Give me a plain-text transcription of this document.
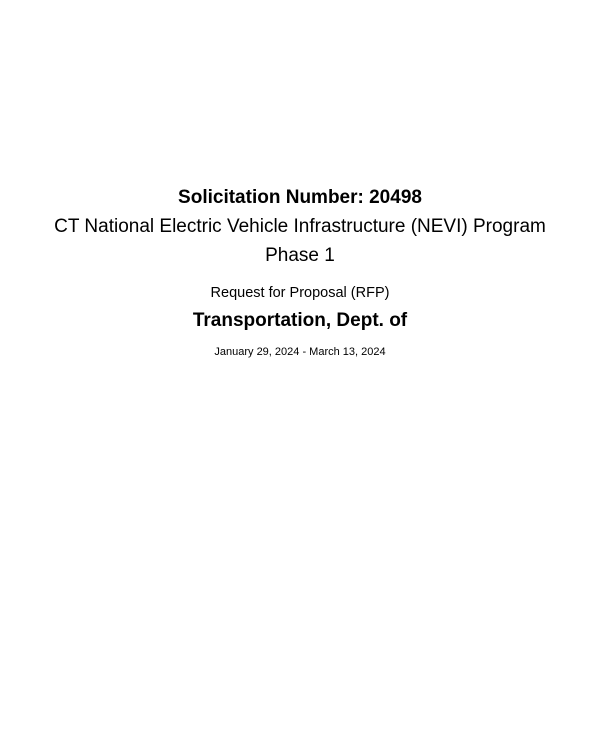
Solicitation Number: 20498
CT National Electric Vehicle Infrastructure (NEVI) Program
Phase 1
Request for Proposal (RFP)
Transportation, Dept. of
January 29, 2024 - March 13, 2024
